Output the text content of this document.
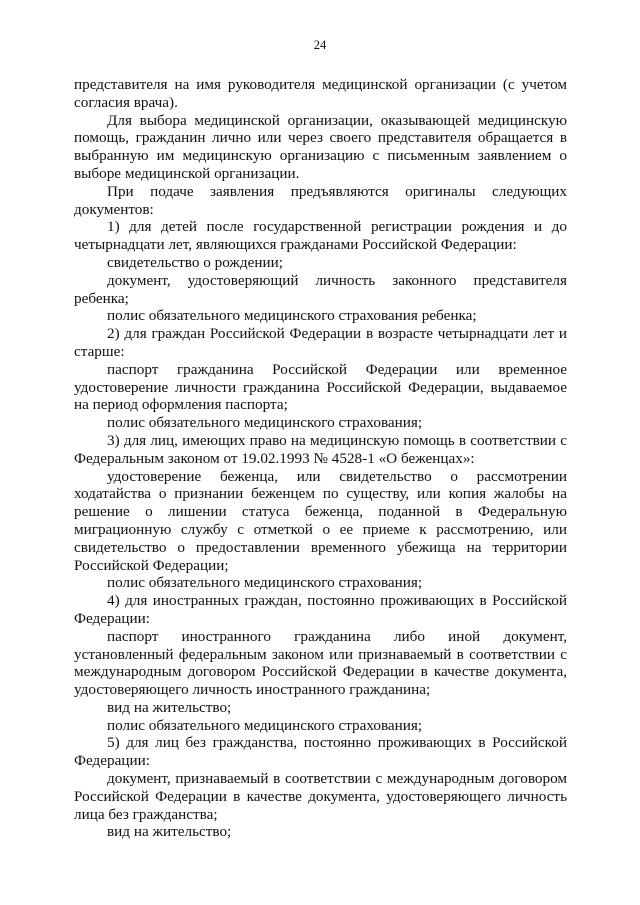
24

представителя на имя руководителя медицинской организации (с учетом согласия врача).

Для выбора медицинской организации, оказывающей медицинскую помощь, гражданин лично или через своего представителя обращается в выбранную им медицинскую организацию с письменным заявлением о выборе медицинской организации.

При подаче заявления предъявляются оригиналы следующих документов:

1) для детей после государственной регистрации рождения и до четырнадцати лет, являющихся гражданами Российской Федерации:

свидетельство о рождении;

документ, удостоверяющий личность законного представителя ребенка;

полис обязательного медицинского страхования ребенка;

2) для граждан Российской Федерации в возрасте четырнадцати лет и старше:

паспорт гражданина Российской Федерации или временное удостоверение личности гражданина Российской Федерации, выдаваемое на период оформления паспорта;

полис обязательного медицинского страхования;

3) для лиц, имеющих право на медицинскую помощь в соответствии с Федеральным законом от 19.02.1993 № 4528-1 «О беженцах»:

удостоверение беженца, или свидетельство о рассмотрении ходатайства о признании беженцем по существу, или копия жалобы на решение о лишении статуса беженца, поданной в Федеральную миграционную службу с отметкой о ее приеме к рассмотрению, или свидетельство о предоставлении временного убежища на территории Российской Федерации;

полис обязательного медицинского страхования;

4) для иностранных граждан, постоянно проживающих в Российской Федерации:

паспорт иностранного гражданина либо иной документ, установленный федеральным законом или признаваемый в соответствии с международным договором Российской Федерации в качестве документа, удостоверяющего личность иностранного гражданина;

вид на жительство;

полис обязательного медицинского страхования;

5) для лиц без гражданства, постоянно проживающих в Российской Федерации:

документ, признаваемый в соответствии с международным договором Российской Федерации в качестве документа, удостоверяющего личность лица без гражданства;

вид на жительство;
